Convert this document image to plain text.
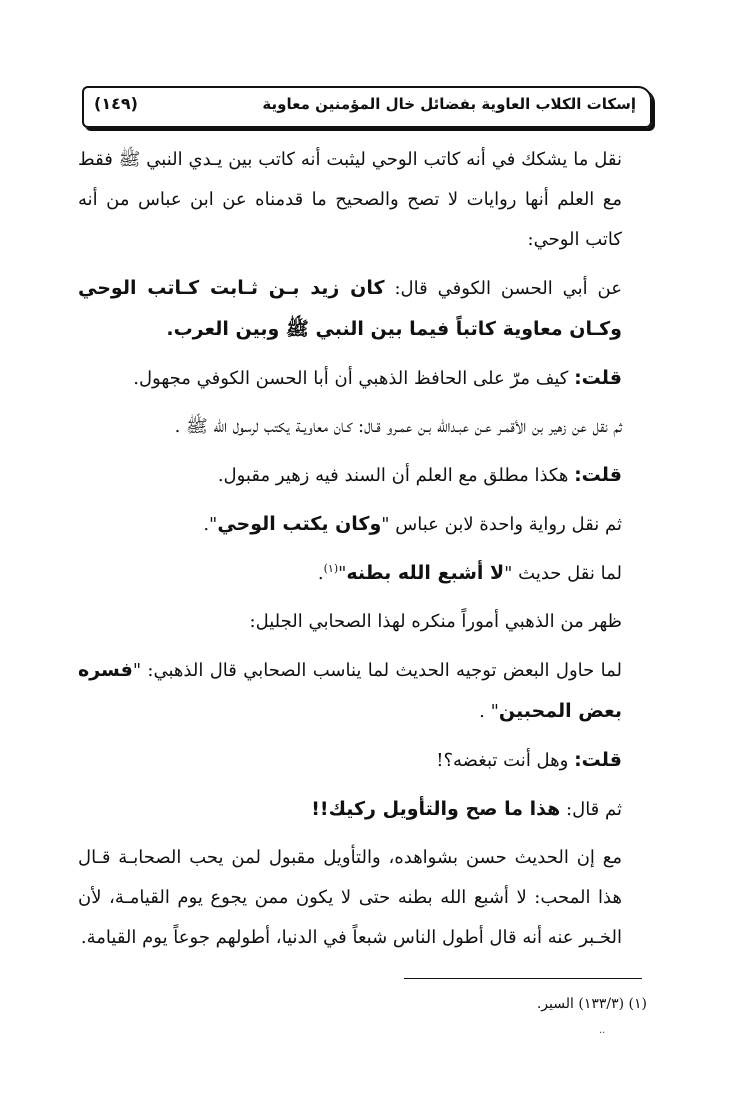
إسكات الكلاب العاوية بفضائل خال المؤمنين معاوية
(١٤٩)

نقل ما يشكك في أنه كاتب الوحي ليثبت أنه كاتب بين يـدي النبي ﷺ فقط مع العلم أنها روايات لا تصح والصحيح ما قدمناه عن ابن عباس من أنه كاتب الوحي:

عن أبي الحسن الكوفي قال: كان زيد بـن ثـابت كـاتب الوحي وكـان معاوية كاتباً فيما بين النبي ﷺ وبين العرب.

قلت: كيف مرّ على الحافظ الذهبي أن أبا الحسن الكوفي مجهول.

ثم نقل عن زهير بن الأقمـر عـن عبـدالله بـن عمـرو قـال: كـان معاويـة يكتب لرسول الله ﷺ .

قلت: هكذا مطلق مع العلم أن السند فيه زهير مقبول.

ثم نقل رواية واحدة لابن عباس "وكان يكتب الوحي".

لما نقل حديث "لا أشبع الله بطنه"$^{(١)}$.

ظهر من الذهبي أموراً منكره لهذا الصحابي الجليل:

لما حاول البعض توجيه الحديث لما يناسب الصحابي قال الذهبي: "فسره بعض المحبين" .

قلت: وهل أنت تبغضه؟!

ثم قال: هذا ما صح والتأويل ركيك!!

مع إن الحديث حسن بشواهده، والتأويل مقبول لمن يحب الصحابـة قـال هذا المحب: لا أشبع الله بطنه حتى لا يكون ممن يجوع يوم القيامـة، لأن الخـبر عنه أنه قال أطول الناس شبعاً في الدنيا، أطولهم جوعاً يوم القيامة.

(١) (١٣٣/٣) السير.
··
